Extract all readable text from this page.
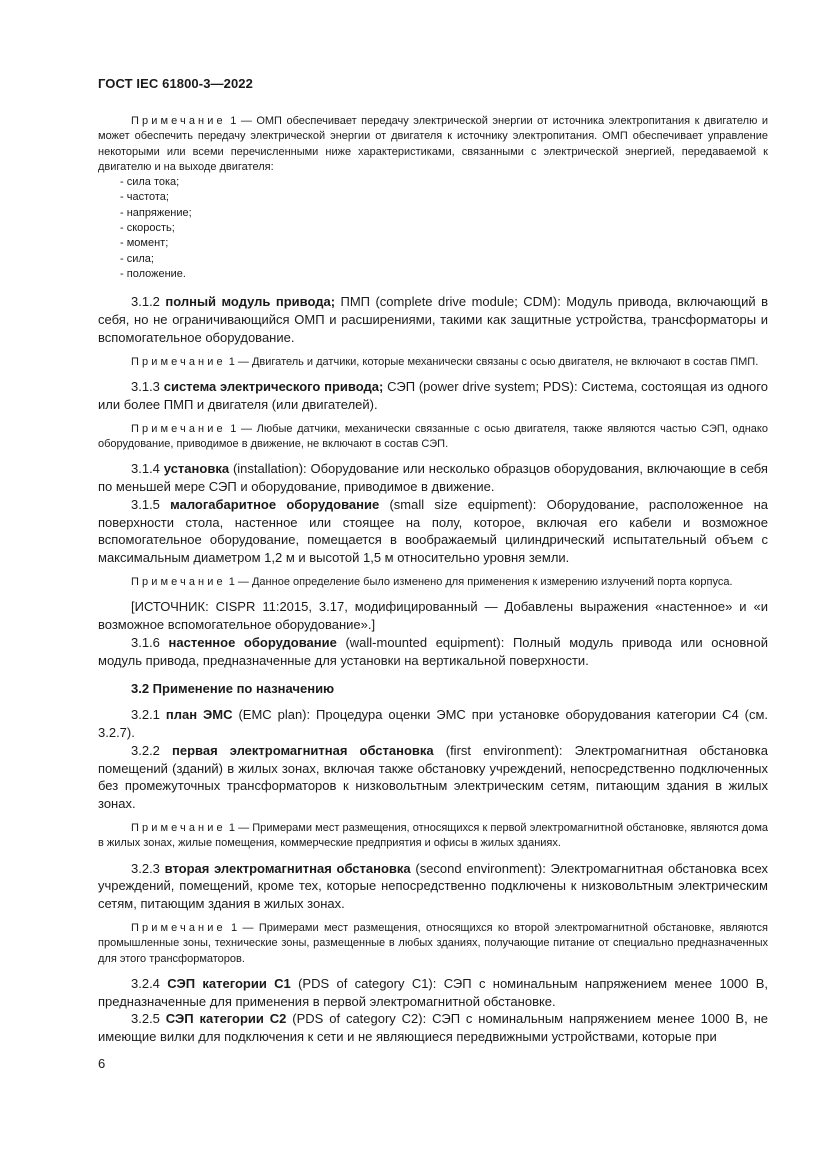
ГОСТ IEC 61800-3—2022

Примечание 1 — ОМП обеспечивает передачу электрической энергии от источника электропитания к двигателю и может обеспечить передачу электрической энергии от двигателя к источнику электропитания. ОМП обеспечивает управление некоторыми или всеми перечисленными ниже характеристиками, связанными с электрической энергией, передаваемой к двигателю и на выходе двигателя:

- сила тока;
- частота;
- напряжение;
- скорость;
- момент;
- сила;
- положение.

3.1.2 полный модуль привода; ПМП (complete drive module; CDM): Модуль привода, включающий в себя, но не ограничивающийся ОМП и расширениями, такими как защитные устройства, трансформаторы и вспомогательное оборудование.

Примечание 1 — Двигатель и датчики, которые механически связаны с осью двигателя, не включают в состав ПМП.

3.1.3 система электрического привода; СЭП (power drive system; PDS): Система, состоящая из одного или более ПМП и двигателя (или двигателей).

Примечание 1 — Любые датчики, механически связанные с осью двигателя, также являются частью СЭП, однако оборудование, приводимое в движение, не включают в состав СЭП.

3.1.4 установка (installation): Оборудование или несколько образцов оборудования, включающие в себя по меньшей мере СЭП и оборудование, приводимое в движение.

3.1.5 малогабаритное оборудование (small size equipment): Оборудование, расположенное на поверхности стола, настенное или стоящее на полу, которое, включая его кабели и возможное вспомогательное оборудование, помещается в воображаемый цилиндрический испытательный объем с максимальным диаметром 1,2 м и высотой 1,5 м относительно уровня земли.

Примечание 1 — Данное определение было изменено для применения к измерению излучений порта корпуса.

[ИСТОЧНИК: CISPR 11:2015, 3.17, модифицированный — Добавлены выражения «настенное» и «и возможное вспомогательное оборудование».]

3.1.6 настенное оборудование (wall-mounted equipment): Полный модуль привода или основной модуль привода, предназначенные для установки на вертикальной поверхности.

3.2 Применение по назначению

3.2.1 план ЭМС (EMC plan): Процедура оценки ЭМС при установке оборудования категории С4 (см. 3.2.7).

3.2.2 первая электромагнитная обстановка (first environment): Электромагнитная обстановка помещений (зданий) в жилых зонах, включая также обстановку учреждений, непосредственно подключенных без промежуточных трансформаторов к низковольтным электрическим сетям, питающим здания в жилых зонах.

Примечание 1 — Примерами мест размещения, относящихся к первой электромагнитной обстановке, являются дома в жилых зонах, жилые помещения, коммерческие предприятия и офисы в жилых зданиях.

3.2.3 вторая электромагнитная обстановка (second environment): Электромагнитная обстановка всех учреждений, помещений, кроме тех, которые непосредственно подключены к низковольтным электрическим сетям, питающим здания в жилых зонах.

Примечание 1 — Примерами мест размещения, относящихся ко второй электромагнитной обстановке, являются промышленные зоны, технические зоны, размещенные в любых зданиях, получающие питание от специально предназначенных для этого трансформаторов.

3.2.4 СЭП категории С1 (PDS of category C1): СЭП с номинальным напряжением менее 1000 В, предназначенные для применения в первой электромагнитной обстановке.

3.2.5 СЭП категории С2 (PDS of category C2): СЭП с номинальным напряжением менее 1000 В, не имеющие вилки для подключения к сети и не являющиеся передвижными устройствами, которые при

6
